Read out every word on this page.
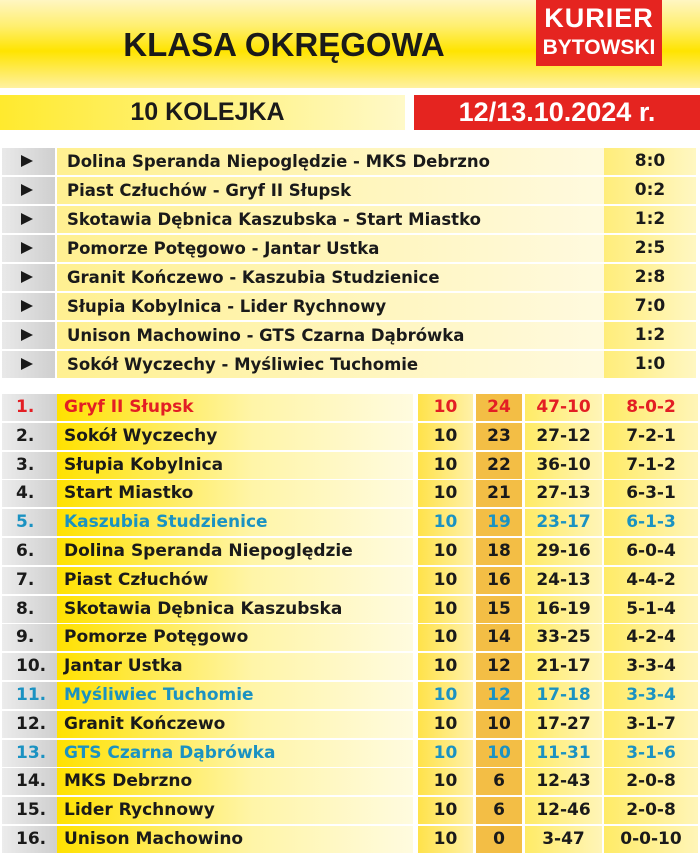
KLASA OKRĘGOWA
KURIER
BYTOWSKI
10 KOLEJKA	12/13.10.2024 r.
Dolina Speranda Niepoględzie - MKS Debrzno	8:0
Piast Człuchów - Gryf II Słupsk	0:2
Skotawia Dębnica Kaszubska - Start Miastko	1:2
Pomorze Potęgowo - Jantar Ustka	2:5
Granit Kończewo - Kaszubia Studzienice	2:8
Słupia Kobylnica - Lider Rychnowy	7:0
Unison Machowino - GTS Czarna Dąbrówka	1:2
Sokół Wyczechy - Myśliwiec Tuchomie	1:0
1.	Gryf II Słupsk	10	24	47-10	8-0-2
2.	Sokół Wyczechy	10	23	27-12	7-2-1
3.	Słupia Kobylnica	10	22	36-10	7-1-2
4.	Start Miastko	10	21	27-13	6-3-1
5.	Kaszubia Studzienice	10	19	23-17	6-1-3
6.	Dolina Speranda Niepoględzie	10	18	29-16	6-0-4
7.	Piast Człuchów	10	16	24-13	4-4-2
8.	Skotawia Dębnica Kaszubska	10	15	16-19	5-1-4
9.	Pomorze Potęgowo	10	14	33-25	4-2-4
10.	Jantar Ustka	10	12	21-17	3-3-4
11.	Myśliwiec Tuchomie	10	12	17-18	3-3-4
12.	Granit Kończewo	10	10	17-27	3-1-7
13.	GTS Czarna Dąbrówka	10	10	11-31	3-1-6
14.	MKS Debrzno	10	6	12-43	2-0-8
15.	Lider Rychnowy	10	6	12-46	2-0-8
16.	Unison Machowino	10	0	3-47	0-0-10
